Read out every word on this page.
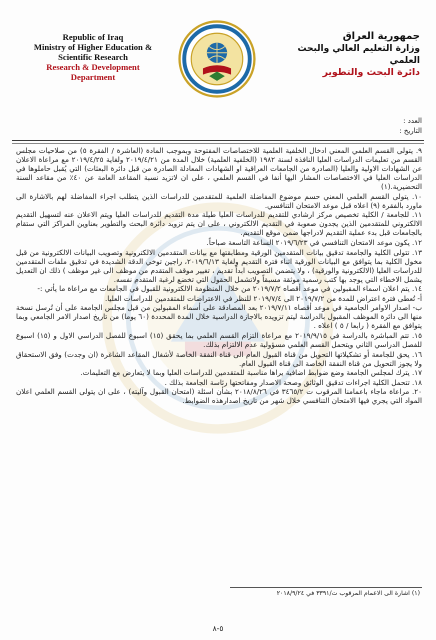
Republic of Iraq
Ministry of Higher Education &
Scientific Research
Research & Development
Department
جمهورية العراق
وزارة التعليم العالي والبحث العلمي
دائرة البحث والتطوير
العدد :
التاريخ :

٩. يتولى القسم العلمي المعني ادخال الخلفية العلمية للاختصاصات المفتوحة وبموجب المادة (العاشرة / الفقرة ٥) من صلاحيات مجلس القسم من تعليمات الدراسات العليا النافذة لسنة ١٩٨٢ (الخلفية العلمية) خلال المدة من ٢٠١٩/٤/٢١ ولغاية ٢٠١٩/٤/٢٥ مع مراعاة الاعلان عن الشهادات الاولية والعليا (الصادرة من الجامعات العراقية او الشهادات المعادلة الصادرة من قبل دائرة البعثات) التي يُقبل حاملوها في الدراسات العليا في الاختصاصات المشار اليها أنفا في القسم العلمي ، على ان لاتزيد نسبة المقاعد العامة عن ٤٠٪ من مقاعد السنة التحضيرية.(١)

١٠. يتولى القسم العلمي المعني حسم موضوع المفاضلة العلمية للمتقدمين للدراسات الذين يتطلب اجراء المفاضلة لهم بالاشارة الى ماورد بالفقرة (٩) اعلاه قبل موعد الامتحان التنافسي.

١١. للجامعة / الكلية تخصيص مركز ارشادي للتقديم للدراسات العليا طيلة مدة التقديم للدراسات العليا ويتم الاعلان عنه لتسهيل التقديم الالكتروني للمتقدمين الذين يجدون صعوبة في التقديم الالكتروني ، على ان يتم تزويد دائرة البحث والتطوير بعناوين المراكز التي ستقام بالجامعات قبل بدء عملية التقديم لادراجها ضمن موقع التقديم.

١٢. يكون موعد الامتحان التنافسي في ٢٠١٩/٦/٢٣ الساعة التاسعة صباحاً.

١٣. تتولى الكلية والجامعة تدقيق بيانات المتقدمين الورقية ومطابقتها مع بيانات المتقدمين الالكترونية وتصويب البيانات الالكترونية من قبل مخول الكلية بما يتوافق مع البيانات الورقية اثناء فترة التقديم ولغاية ٢٠١٩/٦/١٣، راجين توخي الدقة الشديدة في تدقيق ملفات المتقدمين للدراسات العليا (الالكترونية والورقية) ، ولا يتضمن التصويب ابداً تقديم ، تغيير موقف المتقدم من موظف الى غير موظف ) ذلك ان التعديل يشمل الاخطاء التي يوجد بها كتب رسمية موثقة مسبقاً ولاتشمل الحقول التي تخضع لرغبة المتقدم نفسه.

١٤. يتم اعلان اسماء المقبولين في موعد أقصاه ٢٠١٩/٧/٢ من خلال المنظومة الالكترونية للقبول في الجامعات مع مراعاة ما يأتي :-

أ- تُعطى فترة اعتراض للمدة من ٢٠١٩/٧/٢ الى ٢٠١٩/٧/٤ للنظر في الاعتراضات للمتقدمين للدراسات العليا.

ب- اصدار الاوامر الجامعية في موعد أقصاه ٢٠١٩/٧/١١ بعد المصادقة على أسماء المقبولين من قبل مجلس الجامعة على أن تُرسل نسخة منها الى دائرة الموظف المقبول بالدراسة ليتم تزويده بالاجازة الدراسية خلال المدة المحددة (٦٠ يوما) من تاريخ اصدار الامر الجامعي وبما يتوافق مع الفقرة ( رابعا / ٥ ) اعلاه .

١٥. تتم المباشرة بالدراسة في ٢٠١٩/٩/١٥ مع مراعاة التزام القسم العلمي بما يحقق (١٥) اسبوع للفصل الدراسي الاول و (١٥) اسبوع للفصل الدراسي الثاني ويتحمل القسم العلمي مسؤولية عدم الالتزام بذلك.

١٦. يحق للجامعة أو تشكيلاتها التحويل من قناة القبول العام الى قناة النفقة الخاصة لأشغال المقاعد الشاغرة (ان وجدت) وفق الاستحقاق ولا يجوز التحويل من قناة النفقة الخاصة الى قناة القبول العام.

١٧. يترك لمجلس الجامعة وضع ضوابط اضافية يراها مناسبة للمتقدمين للدراسات العليا وبما لا يتعارض مع التعليمات.

١٨. تتحمل الكلية اجراءات تدقيق الوثائق وصحة الاصدار ومفاتحتها رئاسة الجامعة بذلك .

٢٠. مراعاة ماجاء باعمامنا المرقوب ت ٣٤٦٥/٢ في ٢٠١٨/٨/٢٦ بشأن اسئلة (امتحان القبول وآليته) ، على ان يتولى القسم العلمي اعلان المواد التي يجري فيها الامتحان التنافسي خلال شهر من تاريخ اصدارهذه الضوابط.

(١) اشارة الى الاعمام المرقوب ت/٣٣٩١ في ٢٠١٨/٩/٢٤
٥-٨
